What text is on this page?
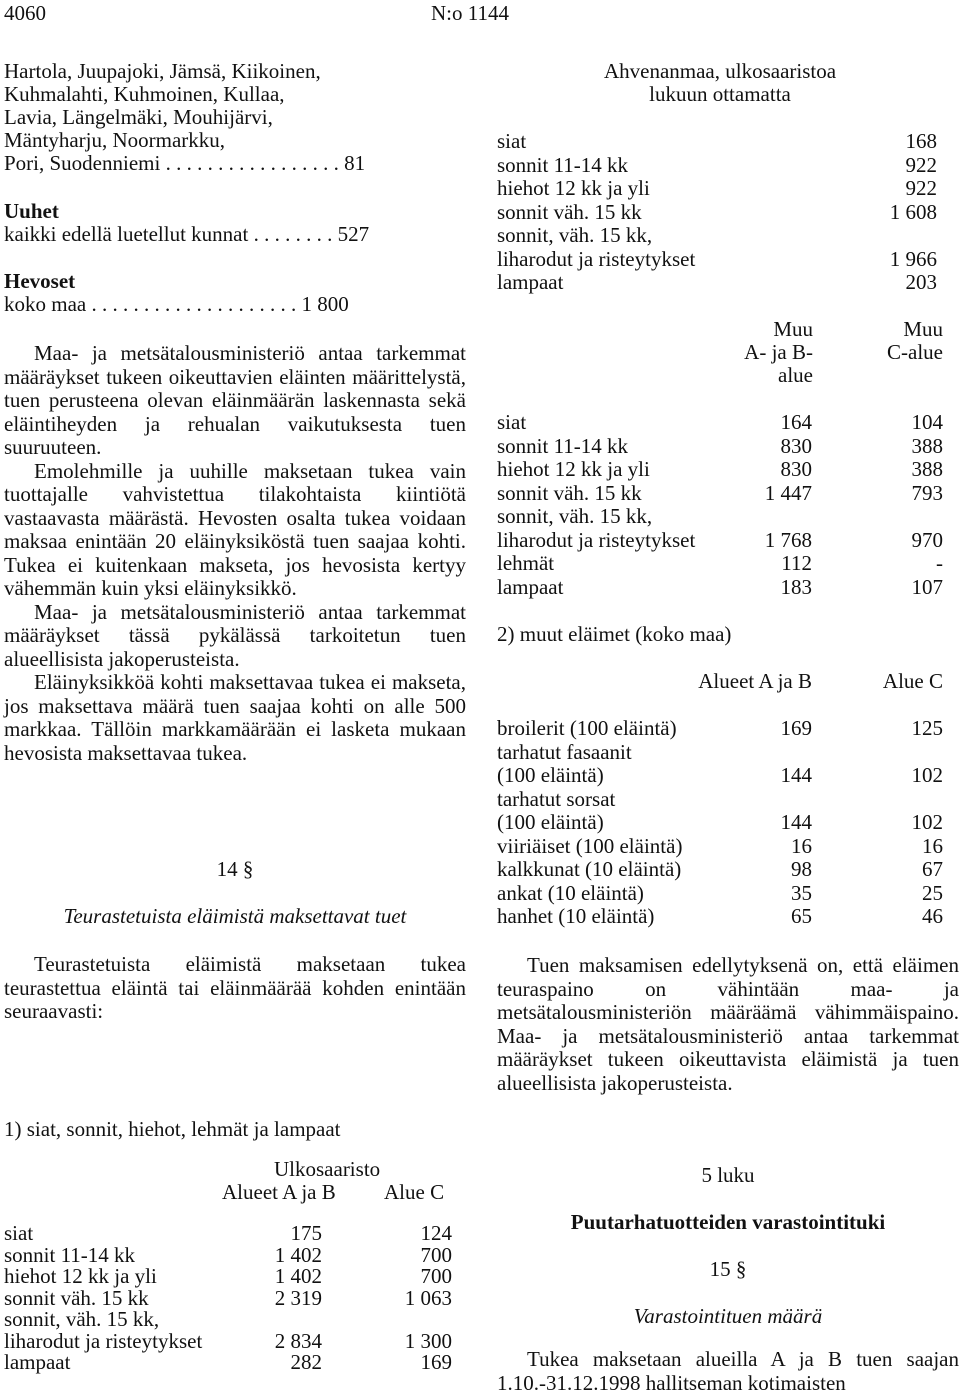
4060	N:o 1144
Hartola, Juupajoki, Jämsä, Kiikoinen,
Kuhmalahti, Kuhmoinen, Kullaa,
Lavia, Längelmäki, Mouhijärvi,
Mäntyharju, Noormarkku,
Pori, Suodenniemi . . . . . . . . . . . . . . . . . 81
Uuhet
kaikki edellä luetellut kunnat . . . . . . . . 527
Hevoset
koko maa . . . . . . . . . . . . . . . . . . . . 1 800

Maa- ja metsätalousministeriö antaa tarkemmat määräykset tukeen oikeuttavien eläinten määrittelystä, tuen perusteena olevan eläinmäärän laskennasta sekä eläintiheyden ja rehualan vaikutuksesta tuen suuruuteen.

Emolehmille ja uuhille maksetaan tukea vain tuottajalle vahvistettua tilakohtaista kiintiötä vastaavasta määrästä. Hevosten osalta tukea voidaan maksaa enintään 20 eläinyksiköstä tuen saajaa kohti. Tukea ei kuitenkaan makseta, jos hevosista kertyy vähemmän kuin yksi eläinyksikkö.

Maa- ja metsätalousministeriö antaa tarkemmat määräykset tässä pykälässä tarkoitetun tuen alueellisista jakoperusteista.

Eläinyksikköä kohti maksettavaa tukea ei makseta, jos maksettava määrä tuen saajaa kohti on alle 500 markkaa. Tällöin markkamäärään ei lasketa mukaan hevosista maksettavaa tukea.

14 §
Teurastetuista eläimistä maksettavat tuet

Teurastetuista eläimistä maksetaan tukea teurastettua eläintä tai eläinmäärää kohden enintään seuraavasti:

1) siat, sonnit, hiehot, lehmät ja lampaat
Ulkosaaristo
Alueet A ja B Alue C
siat	175	124
sonnit 11-14 kk	1 402	700
hiehot 12 kk ja yli	1 402	700
sonnit väh. 15 kk	2 319	1 063
sonnit, väh. 15 kk,
liharodut ja risteytykset	2 834	1 300
lampaat	282	169
Ahvenanmaa, ulkosaaristoa
lukuun ottamatta
siat	168
sonnit 11-14 kk	922
hiehot 12 kk ja yli	922
sonnit väh. 15 kk	1 608
sonnit, väh. 15 kk,
liharodut ja risteytykset	1 966
lampaat	203
Muu
A- ja B-
alue
Muu
C-alue
siat	164	104
sonnit 11-14 kk	830	388
hiehot 12 kk ja yli	830	388
sonnit väh. 15 kk	1 447	793
sonnit, väh. 15 kk,
liharodut ja risteytykset	1 768	970
lehmät	112	-
lampaat	183	107
2) muut eläimet (koko maa)
Alueet A ja B	Alue C
broilerit (100 eläintä)	169	125
tarhatut fasaanit
(100 eläintä)	144	102
tarhatut sorsat
(100 eläintä)	144	102
viiriäiset (100 eläintä)	16	16
kalkkunat (10 eläintä)	98	67
ankat (10 eläintä)	35	25
hanhet (10 eläintä)	65	46

Tuen maksamisen edellytyksenä on, että eläimen teuraspaino on vähintään maa- ja metsätalousministeriön määräämä vähimmäispaino. Maa- ja metsätalousministeriö antaa tarkemmat määräykset tukeen oikeuttavista eläimistä ja tuen alueellisista jakoperusteista.

5 luku
Puutarhatuotteiden varastointituki
15 §
Varastointituen määrä

Tukea maksetaan alueilla A ja B tuen saajan 1.10.-31.12.1998 hallitseman kotimaisten
